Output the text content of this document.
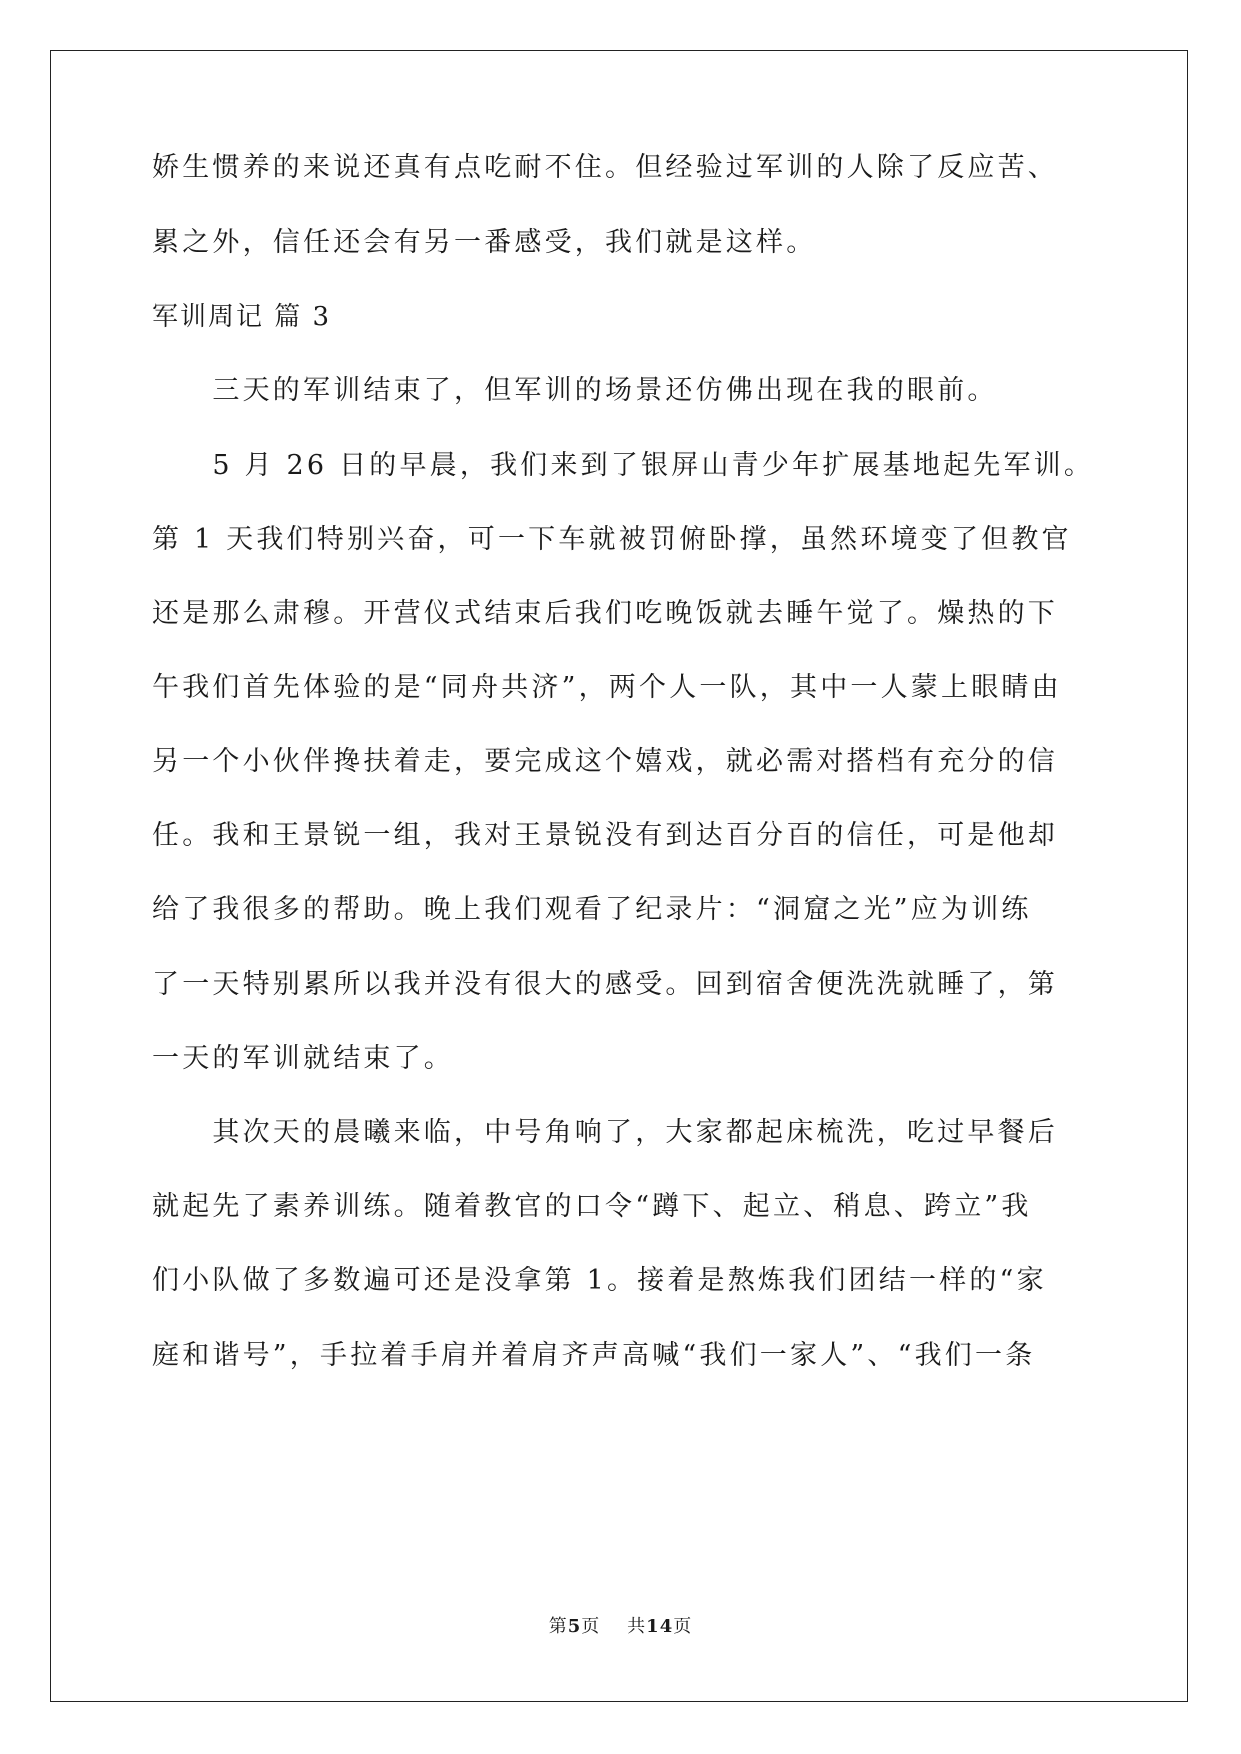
娇生惯养的来说还真有点吃耐不住。但经验过军训的人除了反应苦、
累之外，信任还会有另一番感受，我们就是这样。
军训周记 篇 3
　　三天的军训结束了，但军训的场景还仿佛出现在我的眼前。
　　5 月 26 日的早晨，我们来到了银屏山青少年扩展基地起先军训。
第 1 天我们特别兴奋，可一下车就被罚俯卧撑，虽然环境变了但教官
还是那么肃穆。开营仪式结束后我们吃晚饭就去睡午觉了。燥热的下
午我们首先体验的是“同舟共济”，两个人一队，其中一人蒙上眼睛由
另一个小伙伴搀扶着走，要完成这个嬉戏，就必需对搭档有充分的信
任。我和王景锐一组，我对王景锐没有到达百分百的信任，可是他却
给了我很多的帮助。晚上我们观看了纪录片：“洞窟之光”应为训练
了一天特别累所以我并没有很大的感受。回到宿舍便洗洗就睡了，第
一天的军训就结束了。
　　其次天的晨曦来临，中号角响了，大家都起床梳洗，吃过早餐后
就起先了素养训练。随着教官的口令“蹲下、起立、稍息、跨立”我
们小队做了多数遍可还是没拿第 1。接着是熬炼我们团结一样的“家
庭和谐号”，手拉着手肩并着肩齐声高喊“我们一家人”、“我们一条
第5页 共14页
